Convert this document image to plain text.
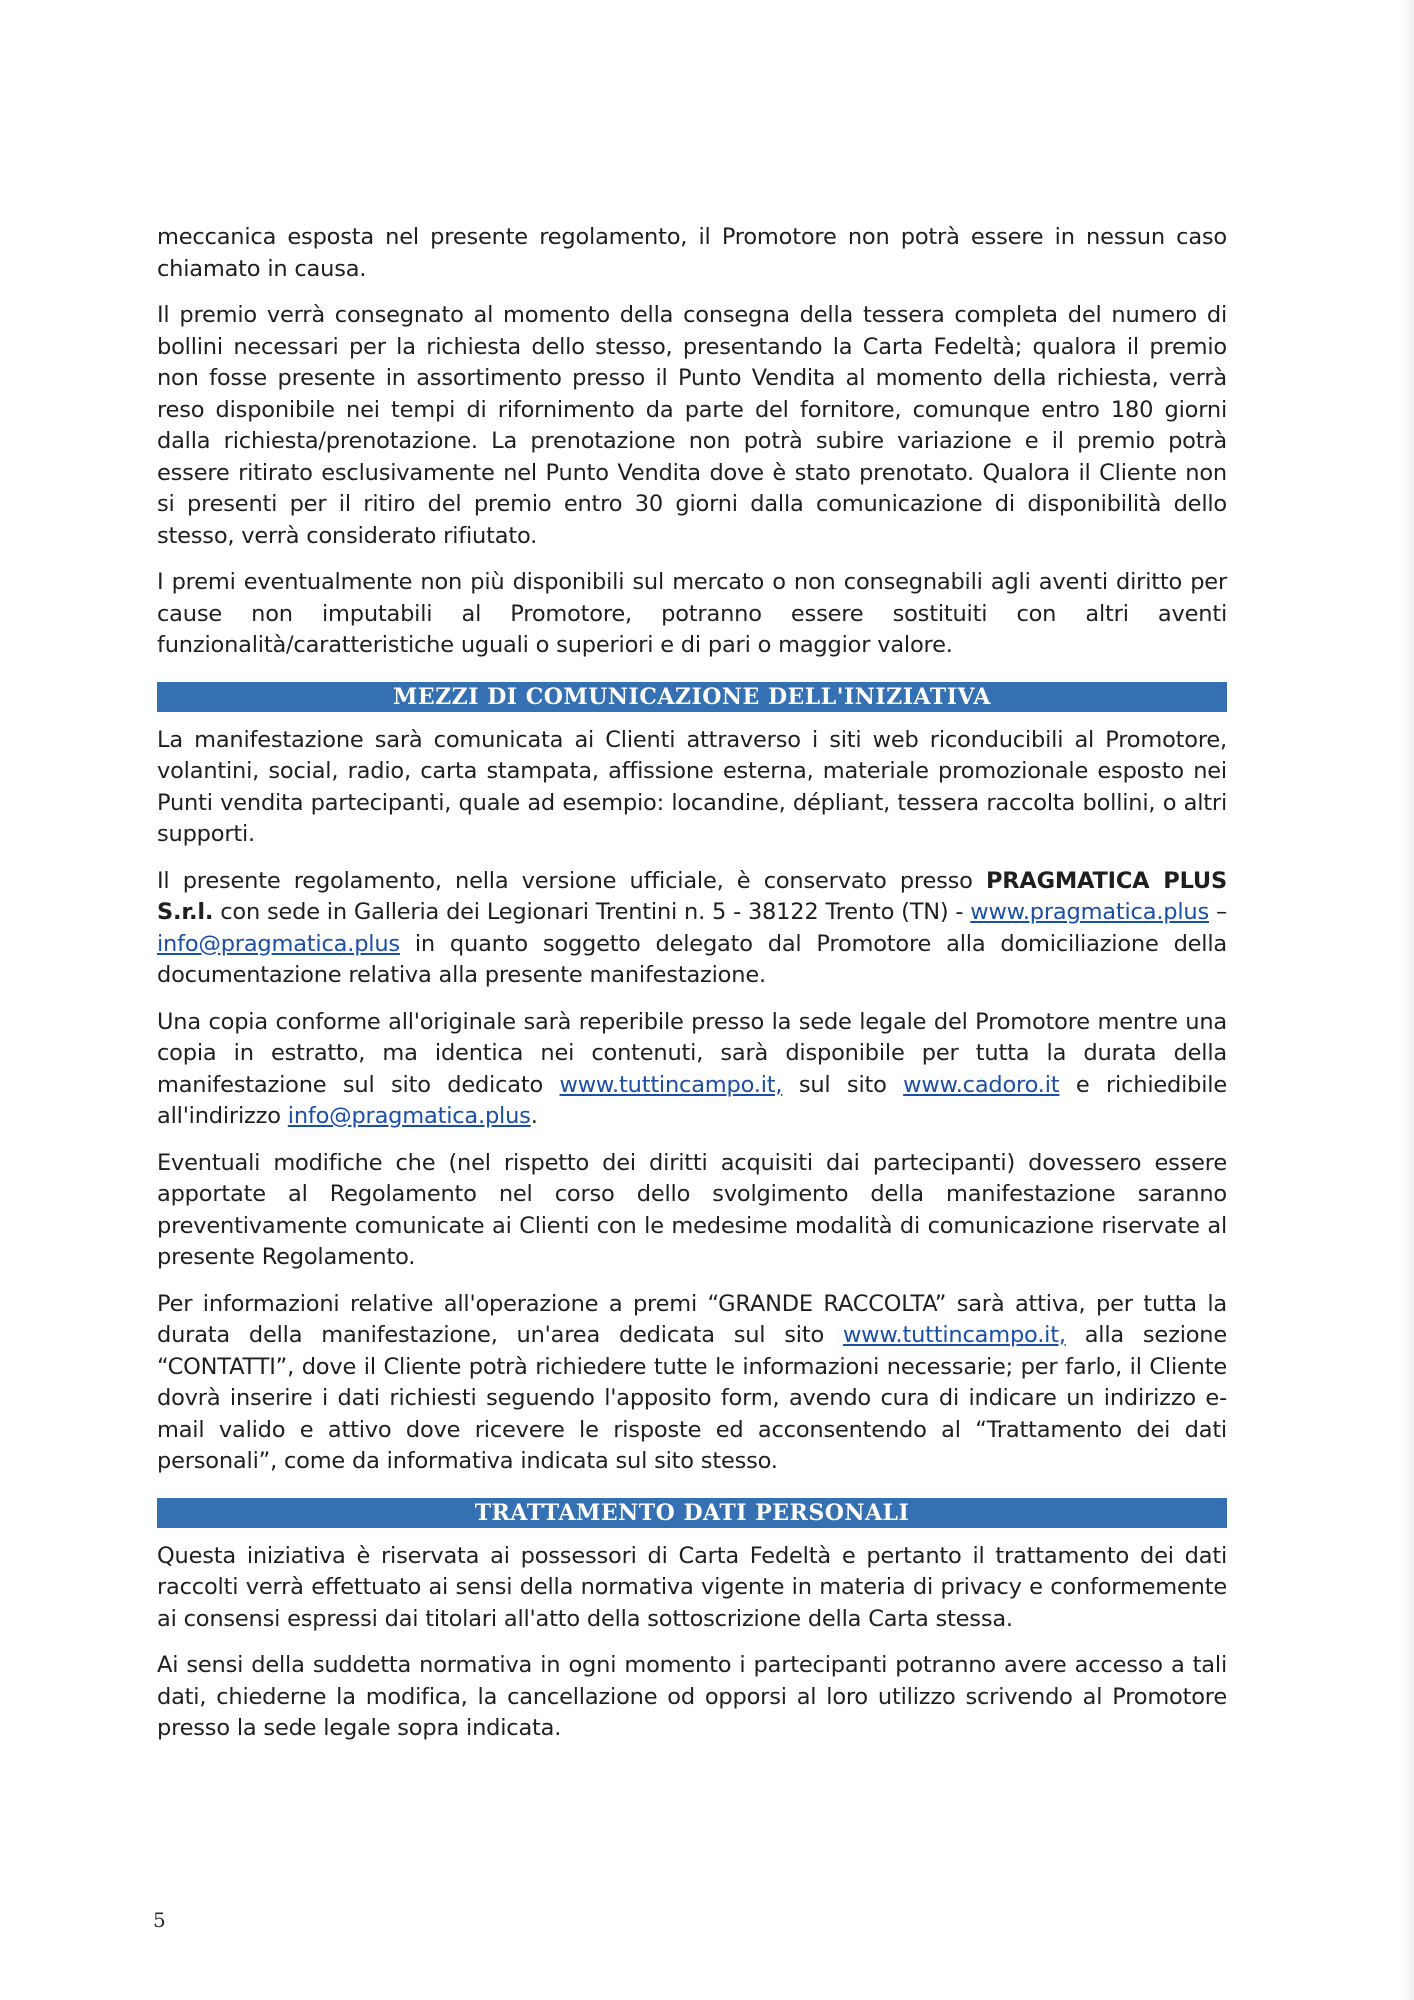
meccanica esposta nel presente regolamento, il Promotore non potrà essere in nessun caso chiamato in causa.

Il premio verrà consegnato al momento della consegna della tessera completa del numero di bollini necessari per la richiesta dello stesso, presentando la Carta Fedeltà; qualora il premio non fosse presente in assortimento presso il Punto Vendita al momento della richiesta, verrà reso disponibile nei tempi di rifornimento da parte del fornitore, comunque entro 180 giorni dalla richiesta/prenotazione. La prenotazione non potrà subire variazione e il premio potrà essere ritirato esclusivamente nel Punto Vendita dove è stato prenotato. Qualora il Cliente non si presenti per il ritiro del premio entro 30 giorni dalla comunicazione di disponibilità dello stesso, verrà considerato rifiutato.

I premi eventualmente non più disponibili sul mercato o non consegnabili agli aventi diritto per cause non imputabili al Promotore, potranno essere sostituiti con altri aventi funzionalità/caratteristiche uguali o superiori e di pari o maggior valore.

MEZZI DI COMUNICAZIONE DELL'INIZIATIVA

La manifestazione sarà comunicata ai Clienti attraverso i siti web riconducibili al Promotore, volantini, social, radio, carta stampata, affissione esterna, materiale promozionale esposto nei Punti vendita partecipanti, quale ad esempio: locandine, dépliant, tessera raccolta bollini, o altri supporti.

Il presente regolamento, nella versione ufficiale, è conservato presso PRAGMATICA PLUS S.r.l. con sede in Galleria dei Legionari Trentini n. 5 - 38122 Trento (TN) - www.pragmatica.plus – info@pragmatica.plus in quanto soggetto delegato dal Promotore alla domiciliazione della documentazione relativa alla presente manifestazione.

Una copia conforme all'originale sarà reperibile presso la sede legale del Promotore mentre una copia in estratto, ma identica nei contenuti, sarà disponibile per tutta la durata della manifestazione sul sito dedicato www.tuttincampo.it, sul sito www.cadoro.it e richiedibile all'indirizzo info@pragmatica.plus.

Eventuali modifiche che (nel rispetto dei diritti acquisiti dai partecipanti) dovessero essere apportate al Regolamento nel corso dello svolgimento della manifestazione saranno preventivamente comunicate ai Clienti con le medesime modalità di comunicazione riservate al presente Regolamento.

Per informazioni relative all'operazione a premi “GRANDE RACCOLTA” sarà attiva, per tutta la durata della manifestazione, un'area dedicata sul sito www.tuttincampo.it, alla sezione “CONTATTI”, dove il Cliente potrà richiedere tutte le informazioni necessarie; per farlo, il Cliente dovrà inserire i dati richiesti seguendo l'apposito form, avendo cura di indicare un indirizzo e-mail valido e attivo dove ricevere le risposte ed acconsentendo al “Trattamento dei dati personali”, come da informativa indicata sul sito stesso.

TRATTAMENTO DATI PERSONALI

Questa iniziativa è riservata ai possessori di Carta Fedeltà e pertanto il trattamento dei dati raccolti verrà effettuato ai sensi della normativa vigente in materia di privacy e conformemente ai consensi espressi dai titolari all'atto della sottoscrizione della Carta stessa.

Ai sensi della suddetta normativa in ogni momento i partecipanti potranno avere accesso a tali dati, chiederne la modifica, la cancellazione od opporsi al loro utilizzo scrivendo al Promotore presso la sede legale sopra indicata.

5
